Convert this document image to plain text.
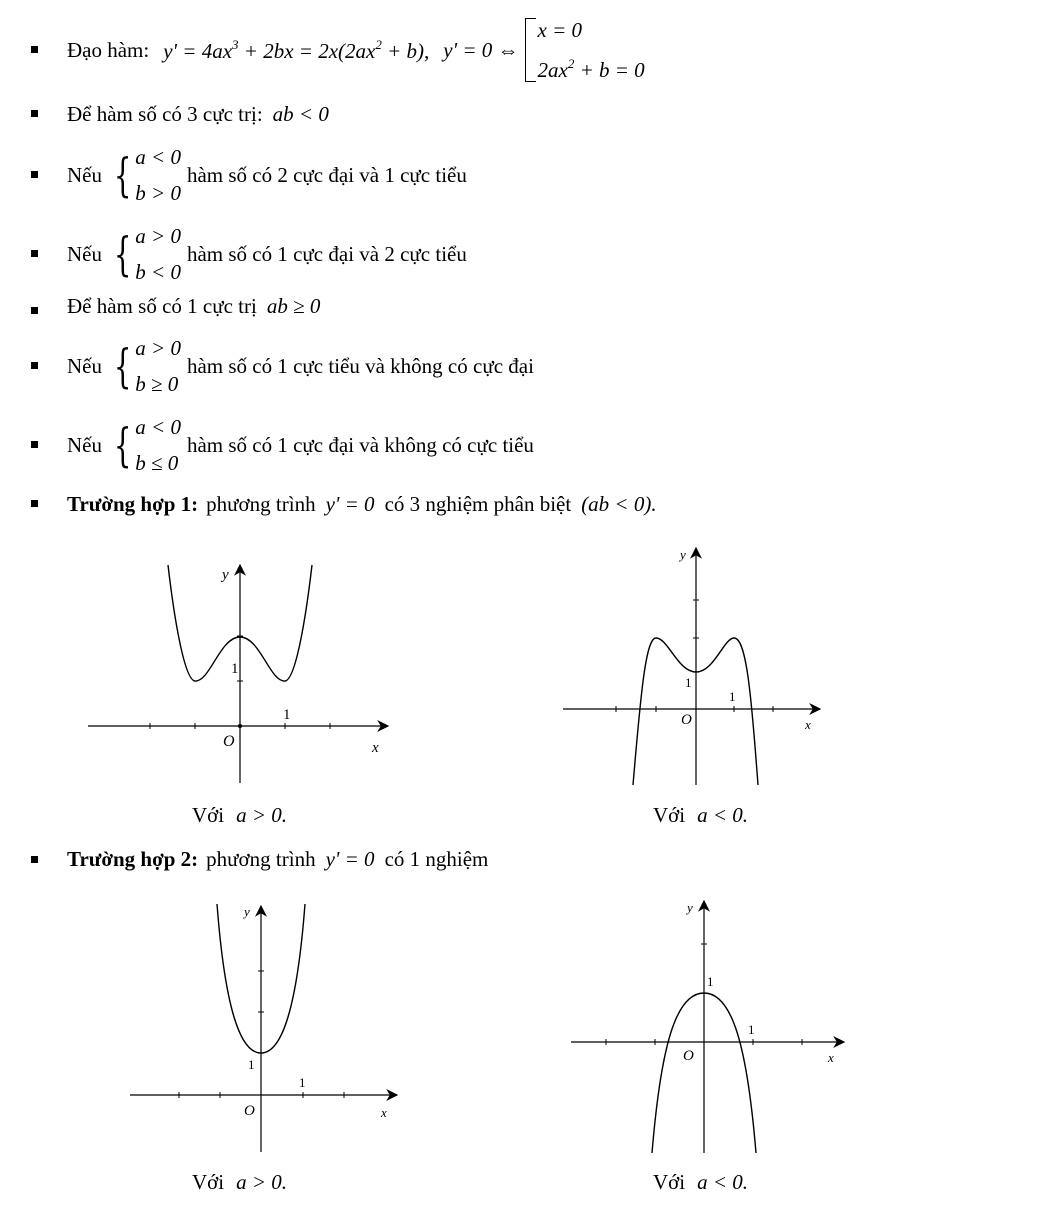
Đạo hàm: $y' = 4ax^3 + 2bx = 2x(2ax^2 + b)$, y' = 0 ⇔
x = 0
$2ax^2 + b = 0$
Để hàm số có 3 cực trị: ab < 0
Nếu { a < 0
b > 0
hàm số có 2 cực đại và 1 cực tiểu
Nếu { a > 0
b < 0
hàm số có 1 cực đại và 2 cực tiểu
Để hàm số có 1 cực trị ab ≥ 0
Nếu { a > 0
b ≥ 0
hàm số có 1 cực tiểu và không có cực đại
Nếu { a < 0
b ≤ 0
hàm số có 1 cực đại và không có cực tiểu
Trường hợp 1: phương trình y' = 0 có 3 nghiệm phân biệt (ab < 0).
y
x
O
1
1
Với a > 0.
y
x
O
1
1
Với a < 0.
Trường hợp 2: phương trình y' = 0 có 1 nghiệm
y
x
O
1
1
Với a > 0.
y
x
O
1
1
Với a < 0.
